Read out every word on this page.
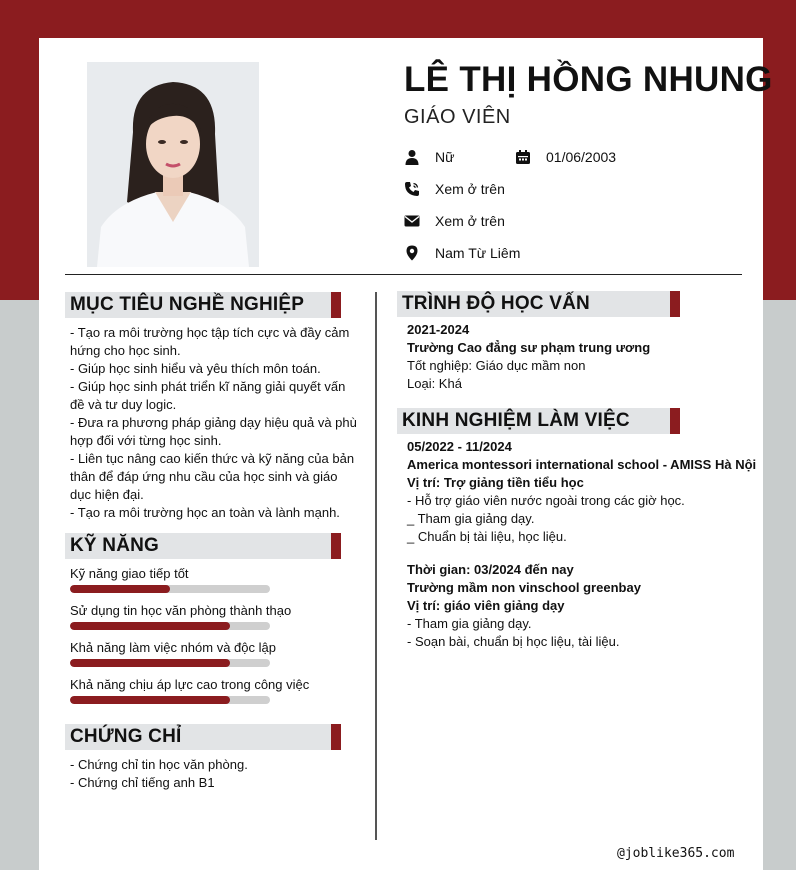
LÊ THỊ HỒNG NHUNG
GIÁO VIÊN
Nữ	01/06/2003
Xem ở trên
Xem ở trên
Nam Từ Liêm
MỤC TIÊU NGHỀ NGHIỆP
- Tạo ra môi trường học tập tích cực và đầy cảm
hứng cho học sinh.
- Giúp học sinh hiểu và yêu thích môn toán.
- Giúp học sinh phát triển kĩ năng giải quyết vấn
đề và tư duy logic.
- Đưa ra phương pháp giảng dạy hiệu quả và phù
hợp đối với từng học sinh.
- Liên tục nâng cao kiến thức và kỹ năng của bản
thân để đáp ứng nhu cầu của học sinh và giáo
dục hiện đại.
- Tạo ra môi trường học an toàn và lành mạnh.
KỸ NĂNG
Kỹ năng giao tiếp tốt
Sử dụng tin học văn phòng thành thạo
Khả năng làm việc nhóm và độc lập
Khả năng chịu áp lực cao trong công việc
CHỨNG CHỈ
- Chứng chỉ tin học văn phòng.
- Chứng chỉ tiếng anh B1
TRÌNH ĐỘ HỌC VẤN
2021-2024
Trường Cao đẳng sư phạm trung ương
Tốt nghiệp: Giáo dục mầm non
Loại: Khá
KINH NGHIỆM LÀM VIỆC
05/2022 - 11/2024
America montessori international school - AMISS Hà Nội
Vị trí: Trợ giảng tiền tiểu học
- Hỗ trợ giáo viên nước ngoài trong các giờ học.
_ Tham gia giảng dạy.
_ Chuẩn bị tài liệu, học liệu.
Thời gian: 03/2024 đến nay
Trường mầm non vinschool greenbay
Vị trí: giáo viên giảng dạy
- Tham gia giảng dạy.
- Soạn bài, chuẩn bị học liệu, tài liệu.
@joblike365.com
